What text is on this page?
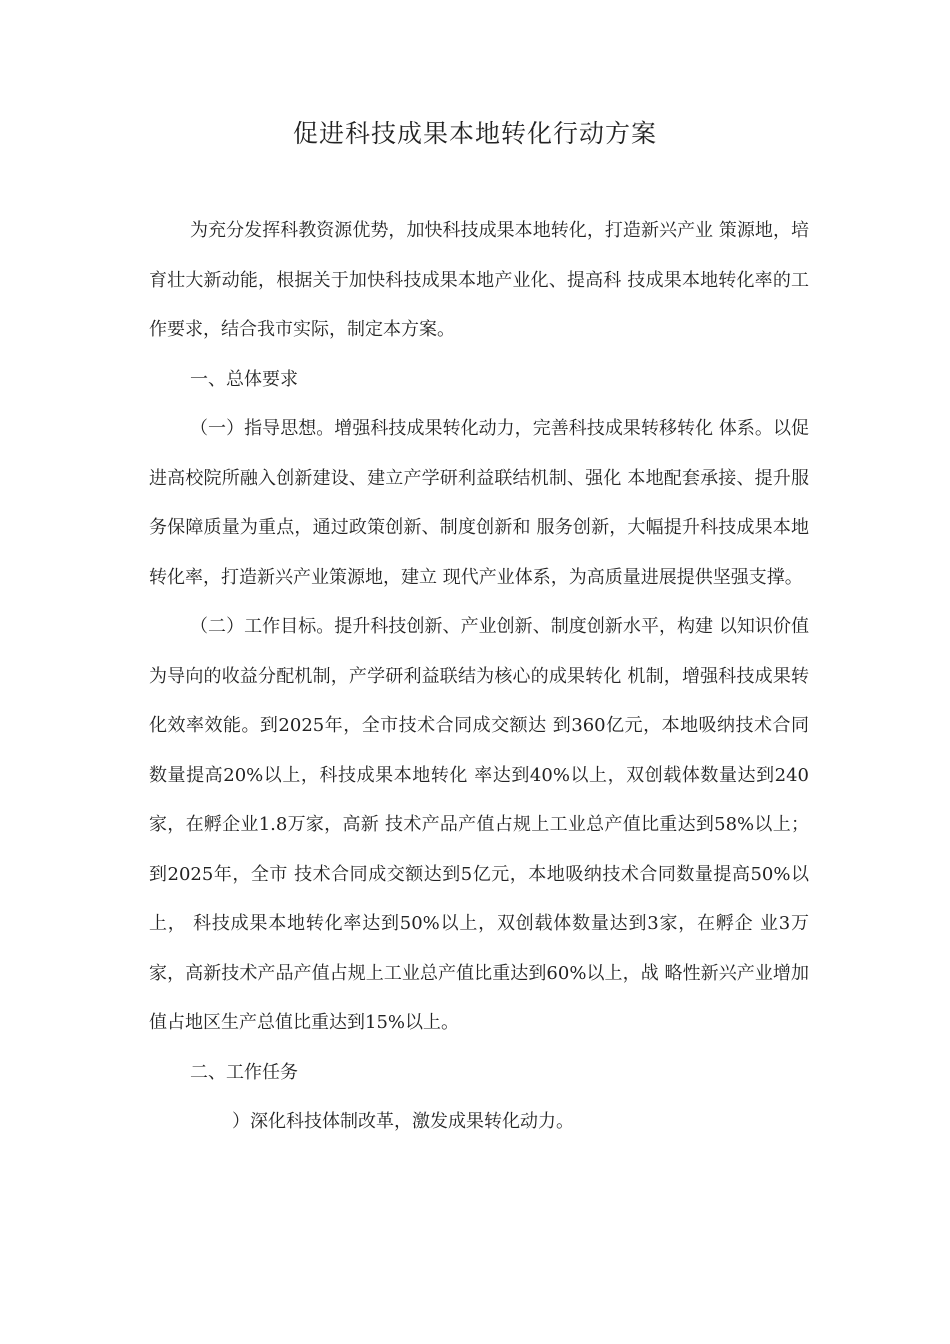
促进科技成果本地转化行动方案

为充分发挥科教资源优势，加快科技成果本地转化，打造新兴产业 策源地，培育壮大新动能，根据关于加快科技成果本地产业化、提高科 技成果本地转化率的工作要求，结合我市实际，制定本方案。

一、总体要求

（一）指导思想。增强科技成果转化动力，完善科技成果转移转化 体系。以促进高校院所融入创新建设、建立产学研利益联结机制、强化 本地配套承接、提升服务保障质量为重点，通过政策创新、制度创新和 服务创新，大幅提升科技成果本地转化率，打造新兴产业策源地，建立 现代产业体系，为高质量进展提供坚强支撑。

（二）工作目标。提升科技创新、产业创新、制度创新水平，构建 以知识价值为导向的收益分配机制，产学研利益联结为核心的成果转化 机制，增强科技成果转化效率效能。到2025年，全市技术合同成交额达 到360亿元，本地吸纳技术合同数量提高20%以上，科技成果本地转化 率达到40%以上，双创载体数量达到240家，在孵企业1.8万家，高新 技术产品产值占规上工业总产值比重达到58%以上；到2025年，全市 技术合同成交额达到5亿元，本地吸纳技术合同数量提高50%以上， 科技成果本地转化率达到50%以上，双创载体数量达到3家，在孵企 业3万家，高新技术产品产值占规上工业总产值比重达到60%以上，战 略性新兴产业增加值占地区生产总值比重达到15%以上。

二、工作任务

）深化科技体制改革，激发成果转化动力。
